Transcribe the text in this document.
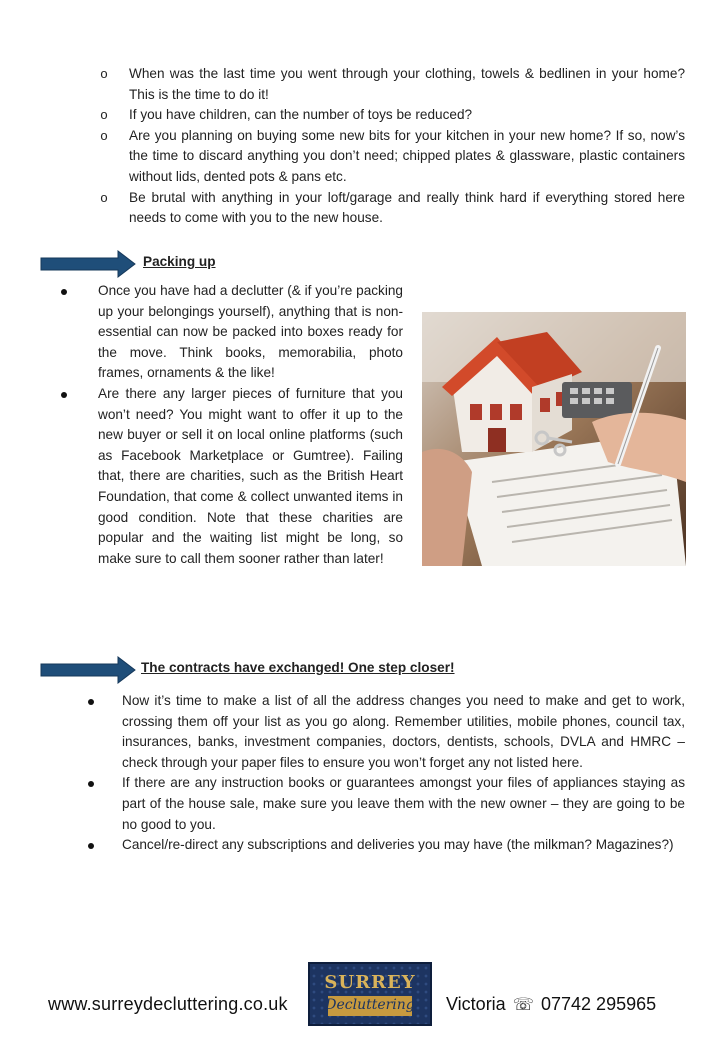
o When was the last time you went through your clothing, towels & bedlinen in your home? This is the time to do it!
o If you have children, can the number of toys be reduced?
o Are you planning on buying some new bits for your kitchen in your new home? If so, now’s the time to discard anything you don’t need; chipped plates & glassware, plastic containers without lids, dented pots & pans etc.
o Be brutal with anything in your loft/garage and really think hard if everything stored here needs to come with you to the new house.
Packing up
Once you have had a declutter (& if you’re packing up your belongings yourself), anything that is non-essential can now be packed into boxes ready for the move. Think books, memorabilia, photo frames, ornaments & the like!
Are there any larger pieces of furniture that you won’t need? You might want to offer it up to the new buyer or sell it on local online platforms (such as Facebook Marketplace or Gumtree). Failing that, there are charities, such as the British Heart Foundation, that come & collect unwanted items in good condition. Note that these charities are popular and the waiting list might be long, so make sure to call them sooner rather than later!
The contracts have exchanged! One step closer!
Now it’s time to make a list of all the address changes you need to make and get to work, crossing them off your list as you go along. Remember utilities, mobile phones, council tax, insurances, banks, investment companies, doctors, dentists, schools, DVLA and HMRC – check through your paper files to ensure you won’t forget any not listed here.
If there are any instruction books or guarantees amongst your files of appliances staying as part of the house sale, make sure you leave them with the new owner – they are going to be no good to you.
Cancel/re-direct any subscriptions and deliveries you may have (the milkman? Magazines?)
www.surreydecluttering.co.uk
SURREY
Decluttering	Victoria ☏ 07742 295965
